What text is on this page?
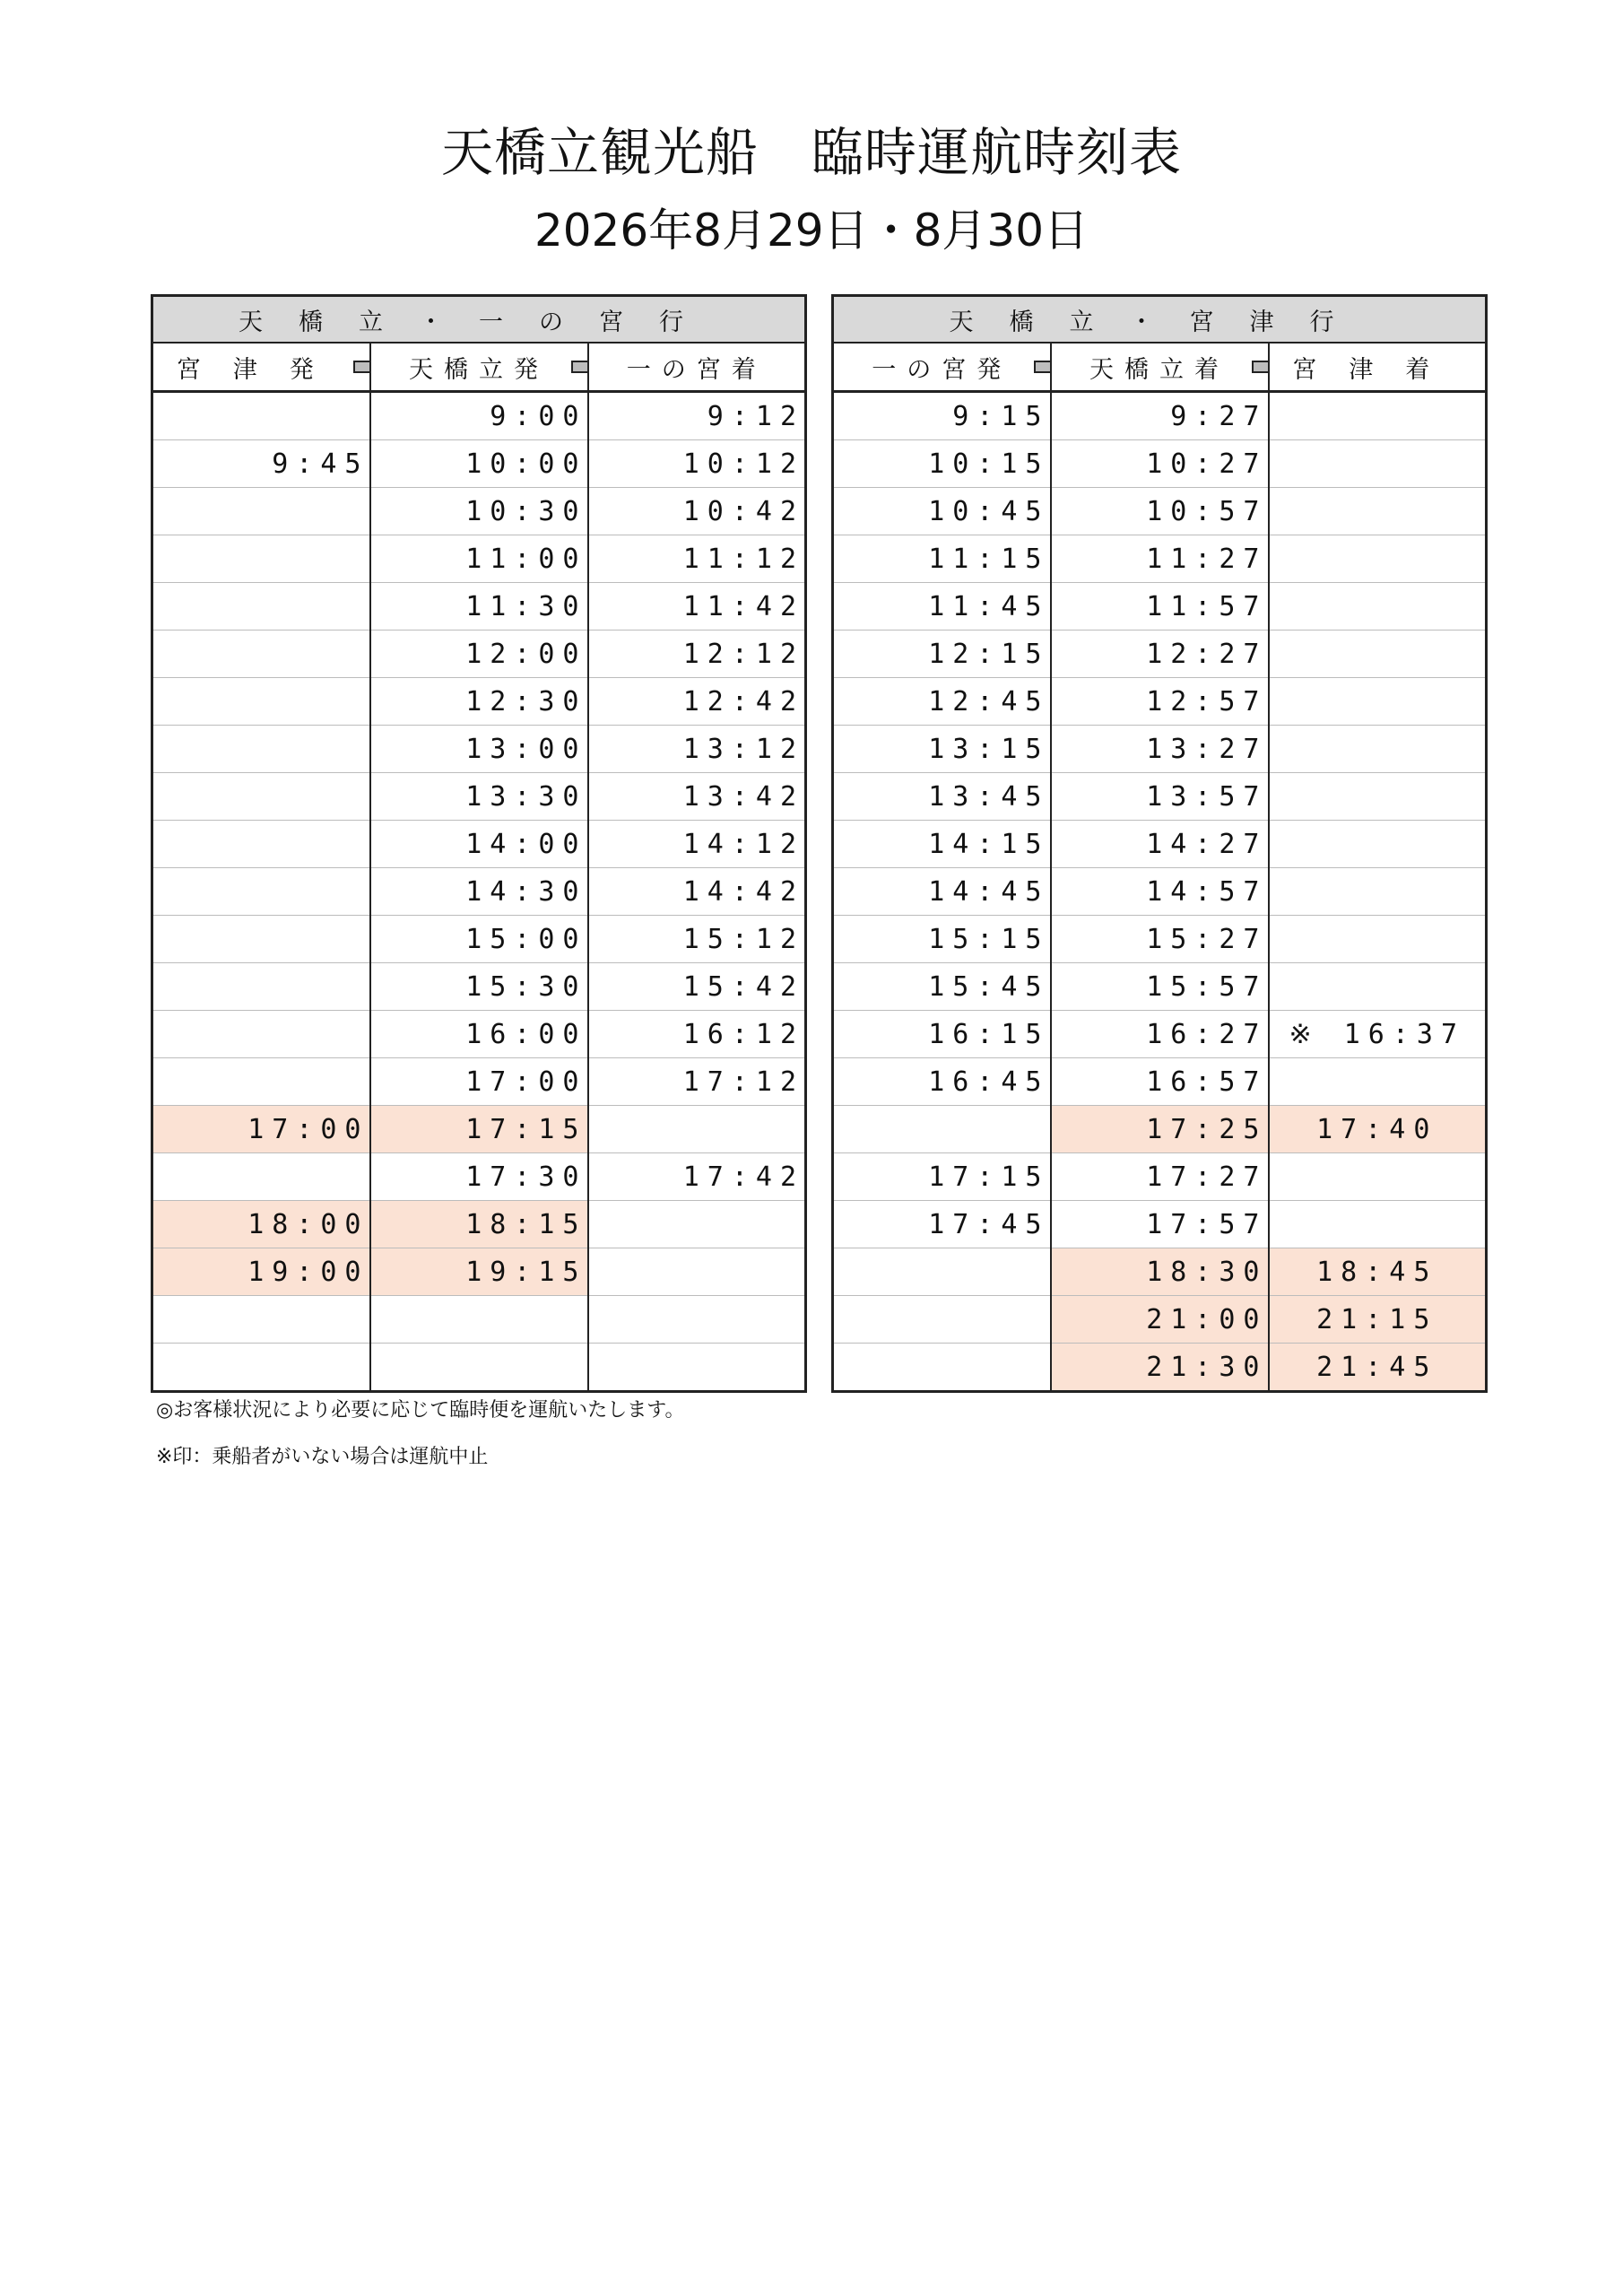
天橋立観光船　臨時運航時刻表
2026年8月29日・8月30日
天橋立・一の宮行		
宮津発	天橋立発	一の宮着
	9:00	9:12
9:45	10:00	10:12
	10:30	10:42
	11:00	11:12
	11:30	11:42
	12:00	12:12
	12:30	12:42
	13:00	13:12
	13:30	13:42
	14:00	14:12
	14:30	14:42
	15:00	15:12
	15:30	15:42
	16:00	16:12
	17:00	17:12
17:00	17:15	
	17:30	17:42
18:00	18:15	
19:00	19:15	

天橋立・宮津行		
一の宮発	天橋立着	宮津着
9:15	9:27	
10:15	10:27	
10:45	10:57	
11:15	11:27	
11:45	11:57	
12:15	12:27	
12:45	12:57	
13:15	13:27	
13:45	13:57	
14:15	14:27	
14:45	14:57	
15:15	15:27	
15:45	15:57	
16:15	16:27	※ 16:37
16:45	16:57	
	17:25	17:40
17:15	17:27	
17:45	17:57	
	18:30	18:45
	21:00	21:15
	21:30	21:45
◎お客様状況により必要に応じて臨時便を運航いたします。
※印：乗船者がいない場合は運航中止
